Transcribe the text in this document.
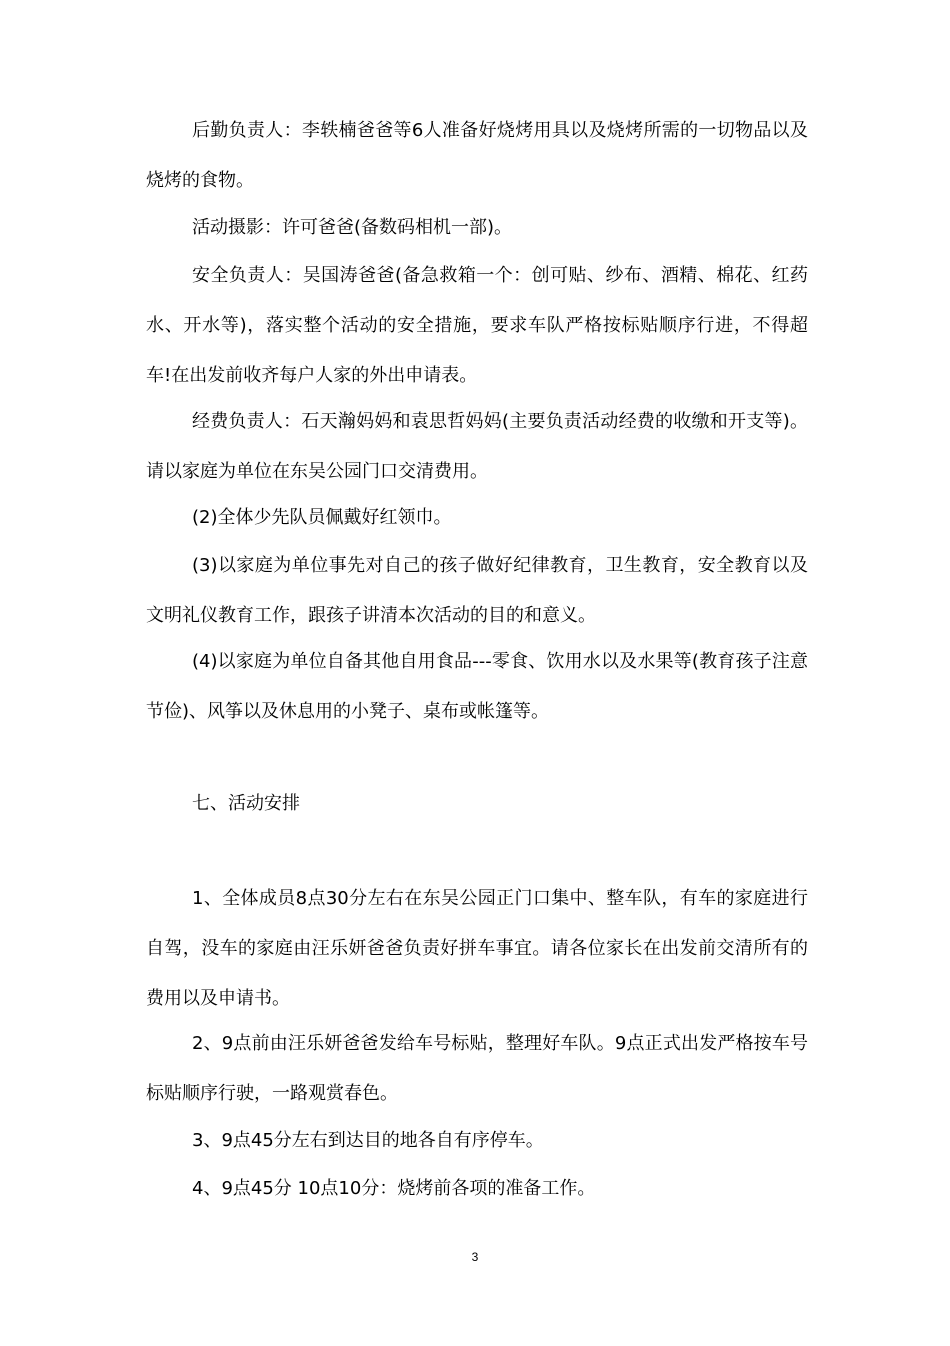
后勤负责人：李轶楠爸爸等6人准备好烧烤用具以及烧烤所需的一切物品以及烧烤的食物。

活动摄影：许可爸爸(备数码相机一部)。

安全负责人：吴国涛爸爸(备急救箱一个：创可贴、纱布、酒精、棉花、红药水、开水等)，落实整个活动的安全措施，要求车队严格按标贴顺序行进，不得超车!在出发前收齐每户人家的外出申请表。

经费负责人：石天瀚妈妈和袁思哲妈妈(主要负责活动经费的收缴和开支等)。请以家庭为单位在东吴公园门口交清费用。

(2)全体少先队员佩戴好红领巾。

(3)以家庭为单位事先对自己的孩子做好纪律教育，卫生教育，安全教育以及文明礼仪教育工作，跟孩子讲清本次活动的目的和意义。

(4)以家庭为单位自备其他自用食品---零食、饮用水以及水果等(教育孩子注意节俭)、风筝以及休息用的小凳子、桌布或帐篷等。

七、活动安排

1、全体成员8点30分左右在东吴公园正门口集中、整车队，有车的家庭进行自驾，没车的家庭由汪乐妍爸爸负责好拼车事宜。请各位家长在出发前交清所有的费用以及申请书。

2、9点前由汪乐妍爸爸发给车号标贴，整理好车队。9点正式出发严格按车号标贴顺序行驶，一路观赏春色。

3、9点45分左右到达目的地各自有序停车。

4、9点45分 10点10分：烧烤前各项的准备工作。

3
